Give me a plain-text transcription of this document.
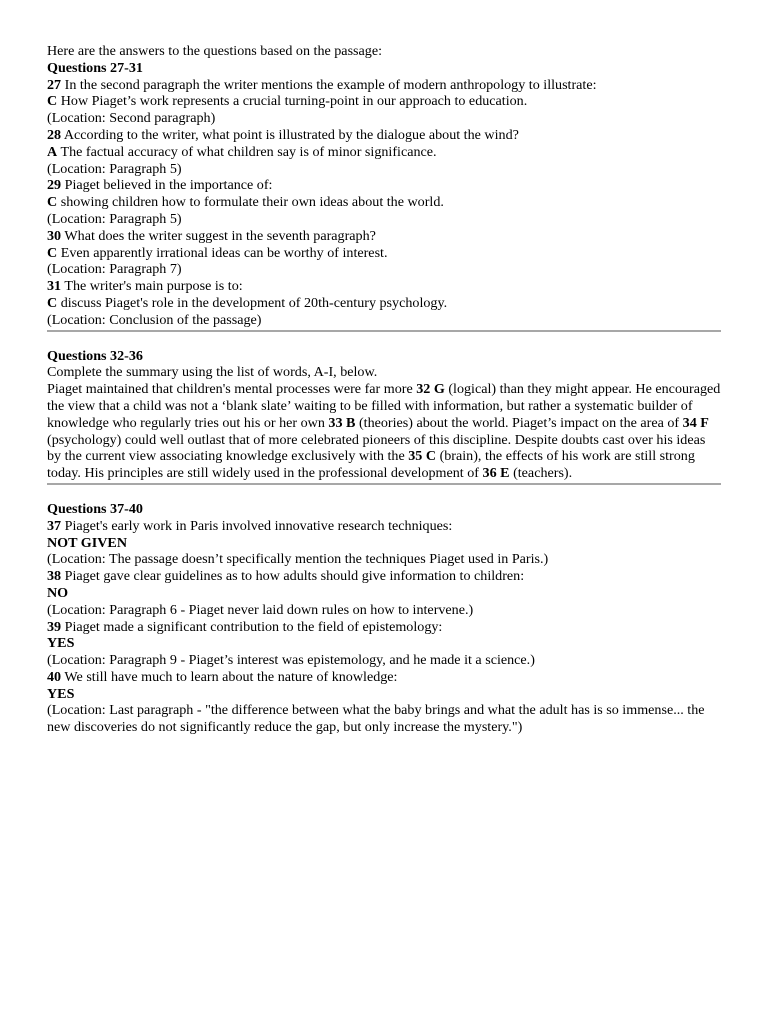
Here are the answers to the questions based on the passage:
Questions 27-31
27 In the second paragraph the writer mentions the example of modern anthropology to illustrate:
C How Piaget’s work represents a crucial turning-point in our approach to education.
(Location: Second paragraph)
28 According to the writer, what point is illustrated by the dialogue about the wind?
A The factual accuracy of what children say is of minor significance.
(Location: Paragraph 5)
29 Piaget believed in the importance of:
C showing children how to formulate their own ideas about the world.
(Location: Paragraph 5)
30 What does the writer suggest in the seventh paragraph?
C Even apparently irrational ideas can be worthy of interest.
(Location: Paragraph 7)
31 The writer's main purpose is to:
C discuss Piaget's role in the development of 20th-century psychology.
(Location: Conclusion of the passage)
Questions 32-36
Complete the summary using the list of words, A-I, below.
Piaget maintained that children's mental processes were far more 32 G (logical) than they might appear. He encouraged the view that a child was not a ‘blank slate’ waiting to be filled with information, but rather a systematic builder of knowledge who regularly tries out his or her own 33 B (theories) about the world. Piaget’s impact on the area of 34 F (psychology) could well outlast that of more celebrated pioneers of this discipline. Despite doubts cast over his ideas by the current view associating knowledge exclusively with the 35 C (brain), the effects of his work are still strong today. His principles are still widely used in the professional development of 36 E (teachers).
Questions 37-40
37 Piaget's early work in Paris involved innovative research techniques:
NOT GIVEN
(Location: The passage doesn’t specifically mention the techniques Piaget used in Paris.)
38 Piaget gave clear guidelines as to how adults should give information to children:
NO
(Location: Paragraph 6 - Piaget never laid down rules on how to intervene.)
39 Piaget made a significant contribution to the field of epistemology:
YES
(Location: Paragraph 9 - Piaget’s interest was epistemology, and he made it a science.)
40 We still have much to learn about the nature of knowledge:
YES
(Location: Last paragraph - "the difference between what the baby brings and what the adult has is so immense... the new discoveries do not significantly reduce the gap, but only increase the mystery.")
